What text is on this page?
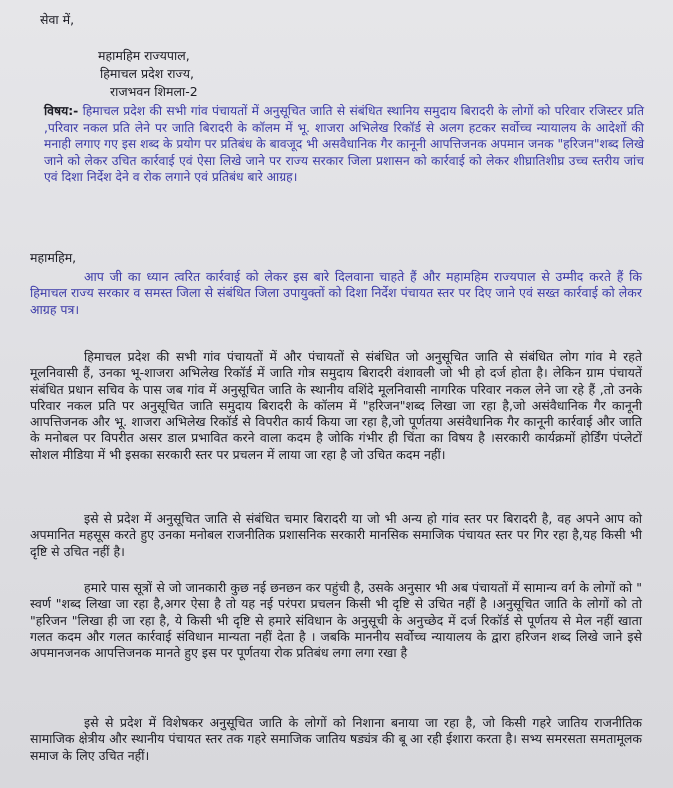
सेवा में,
महामहिम राज्यपाल,
हिमाचल प्रदेश राज्य,
राजभवन शिमला-2
विषय:- हिमाचल प्रदेश की सभी गांव पंचायतों में अनुसूचित जाति से संबंधित स्थानिय समुदाय बिरादरी के लोगों को परिवार रजिस्टर प्रति ,परिवार नकल प्रति लेने पर जाति बिरादरी के कॉलम में भू. शाजरा अभिलेख रिकॉर्ड से अलग हटकर सर्वोच्च न्यायालय के आदेशों की मनाही लगाए गए इस शब्द के प्रयोग पर प्रतिबंध के बावजूद भी असवैधानिक गैर कानूनी आपत्तिजनक अपमान जनक "हरिजन"शब्द लिखे जाने को लेकर उचित कार्रवाई एवं ऐसा लिखे जाने पर राज्य सरकार जिला प्रशासन को कार्रवाई को लेकर शीघ्रातिशीघ्र उच्च स्तरीय जांच एवं दिशा निर्देश देने व रोक लगाने एवं प्रतिबंध बारे आग्रह।
महामहिम,
आप जी का ध्यान त्वरित कार्रवाई को लेकर इस बारे दिलवाना चाहते हैं और महामहिम राज्यपाल से उम्मीद करते हैं कि हिमाचल राज्य सरकार व समस्त जिला से संबंधित जिला उपायुक्तों को दिशा निर्देश पंचायत स्तर पर दिए जाने एवं सख्त कार्रवाई को लेकर आग्रह पत्र।
हिमाचल प्रदेश की सभी गांव पंचायतों में और पंचायतों से संबंधित जो अनुसूचित जाति से संबंधित लोग गांव मे रहते मूलनिवासी हैं, उनका भू-शाजरा अभिलेख रिकॉर्ड में जाति गोत्र समुदाय बिरादरी वंशावली जो भी हो दर्ज होता है। लेकिन ग्राम पंचायतें संबंधित प्रधान सचिव के पास जब गांव में अनुसूचित जाति के स्थानीय वशिंदे मूलनिवासी नागरिक परिवार नकल लेने जा रहे हैं ,तो उनके परिवार नकल प्रति पर अनुसूचित जाति समुदाय बिरादरी के कॉलम में "हरिजन"शब्द लिखा जा रहा है,जो असंवैधानिक गैर कानूनी आपत्तिजनक और भू. शाजरा अभिलेख रिकॉर्ड से विपरीत कार्य किया जा रहा है,जो पूर्णतया असंवैधानिक गैर कानूनी कार्रवाई और जाति के मनोबल पर विपरीत असर डाल प्रभावित करने वाला कदम है जोकि गंभीर ही चिंता का विषय है ।सरकारी कार्यक्रमों होर्डिंग पंप्लेटों सोशल मीडिया में भी इसका सरकारी स्तर पर प्रचलन में लाया जा रहा है जो उचित कदम नहीं।
इसे से प्रदेश में अनुसूचित जाति से संबंधित चमार बिरादरी या जो भी अन्य हो गांव स्तर पर बिरादरी है, वह अपने आप को अपमानित महसूस करते हुए उनका मनोबल राजनीतिक प्रशासनिक सरकारी मानसिक समाजिक पंचायत स्तर पर गिर रहा है,यह किसी भी दृष्टि से उचित नहीं है।
हमारे पास सूत्रों से जो जानकारी कुछ नई छनछन कर पहुंची है, उसके अनुसार भी अब पंचायतों में सामान्य वर्ग के लोगों को " स्वर्ण "शब्द लिखा जा रहा है,अगर ऐसा है तो यह नई परंपरा प्रचलन किसी भी दृष्टि से उचित नहीं है ।अनुसूचित जाति के लोगों को तो "हरिजन "लिखा ही जा रहा है, ये किसी भी दृष्टि से हमारे संविधान के अनुसूची के अनुच्छेद में दर्ज रिकॉर्ड से पूर्णतय से मेल नहीं खाता गलत कदम और गलत कार्रवाई संविधान मान्यता नहीं देता है । जबकि माननीय सर्वोच्च न्यायालय के द्वारा हरिजन शब्द लिखे जाने इसे अपमानजनक आपत्तिजनक मानते हुए इस पर पूर्णतया रोक प्रतिबंध लगा लगा रखा है
इसे से प्रदेश में विशेषकर अनुसूचित जाति के लोगों को निशाना बनाया जा रहा है, जो किसी गहरे जातिय राजनीतिक सामाजिक क्षेत्रीय और स्थानीय पंचायत स्तर तक गहरे समाजिक जातिय षड्यंत्र की बू आ रही ईशारा करता है। सभ्य समरसता समतामूलक समाज के लिए उचित नहीं।
